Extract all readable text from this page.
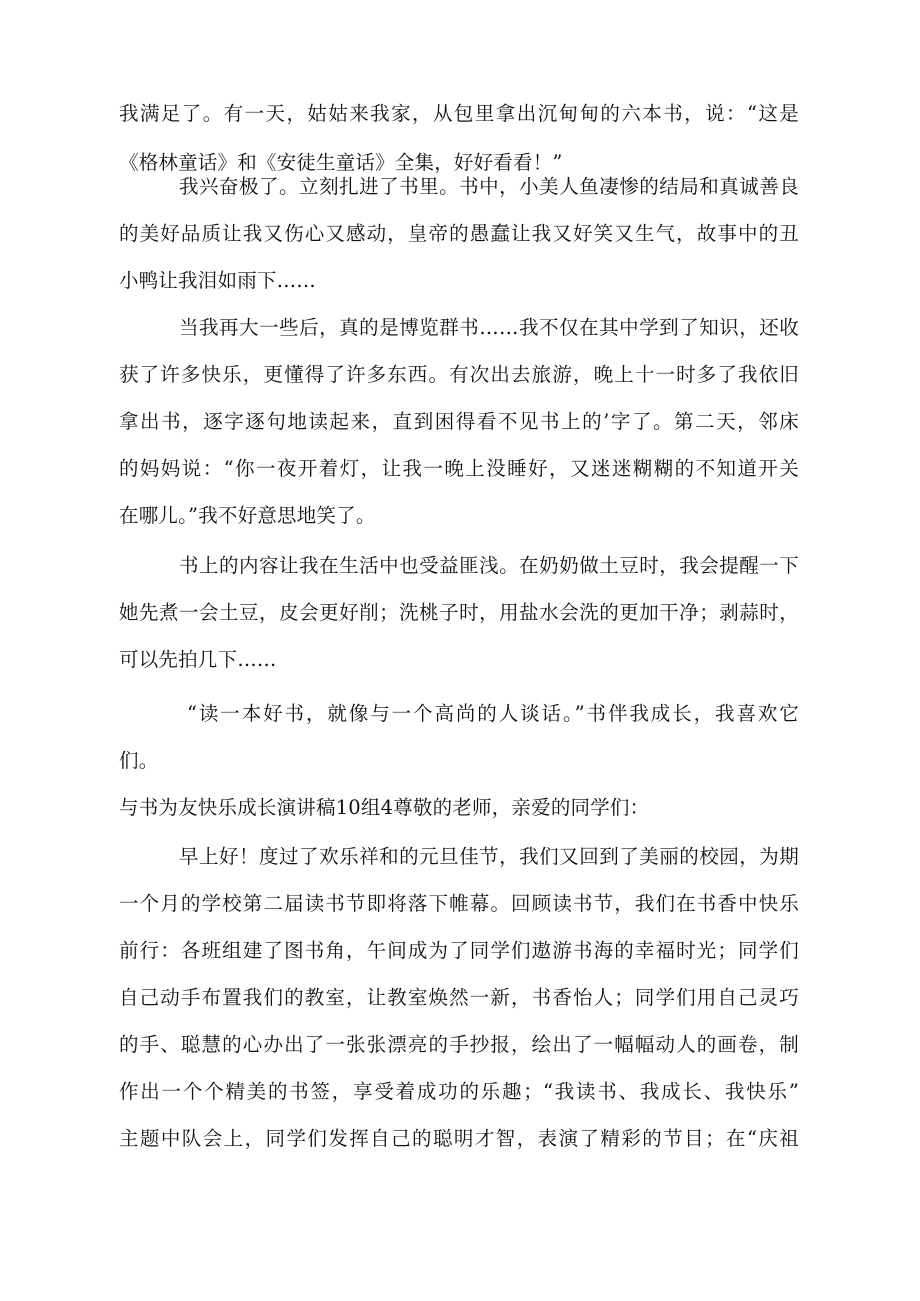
我满足了。有一天，姑姑来我家，从包里拿出沉甸甸的六本书，说：“这是
《格林童话》和《安徒生童话》全集，好好看看！”
我兴奋极了。立刻扎进了书里。书中，小美人鱼凄惨的结局和真诚善良
的美好品质让我又伤心又感动，皇帝的愚蠢让我又好笑又生气，故事中的丑
小鸭让我泪如雨下……
当我再大一些后，真的是博览群书……我不仅在其中学到了知识，还收
获了许多快乐，更懂得了许多东西。有次出去旅游，晚上十一时多了我依旧
拿出书，逐字逐句地读起来，直到困得看不见书上的’字了。第二天，邻床
的妈妈说：“你一夜开着灯，让我一晚上没睡好，又迷迷糊糊的不知道开关
在哪儿。”我不好意思地笑了。
书上的内容让我在生活中也受益匪浅。在奶奶做土豆时，我会提醒一下
她先煮一会土豆，皮会更好削；洗桃子时，用盐水会洗的更加干净；剥蒜时，
可以先拍几下……
“读一本好书，就像与一个高尚的人谈话。”书伴我成长，我喜欢它
们。
与书为友快乐成长演讲稿10组4尊敬的老师，亲爱的同学们：
早上好！度过了欢乐祥和的元旦佳节，我们又回到了美丽的校园，为期
一个月的学校第二届读书节即将落下帷幕。回顾读书节，我们在书香中快乐
前行：各班组建了图书角，午间成为了同学们遨游书海的幸福时光；同学们
自己动手布置我们的教室，让教室焕然一新，书香怡人；同学们用自己灵巧
的手、聪慧的心办出了一张张漂亮的手抄报，绘出了一幅幅动人的画卷，制
作出一个个精美的书签，享受着成功的乐趣；“我读书、我成长、我快乐”
主题中队会上，同学们发挥自己的聪明才智，表演了精彩的节目；在“庆祖
